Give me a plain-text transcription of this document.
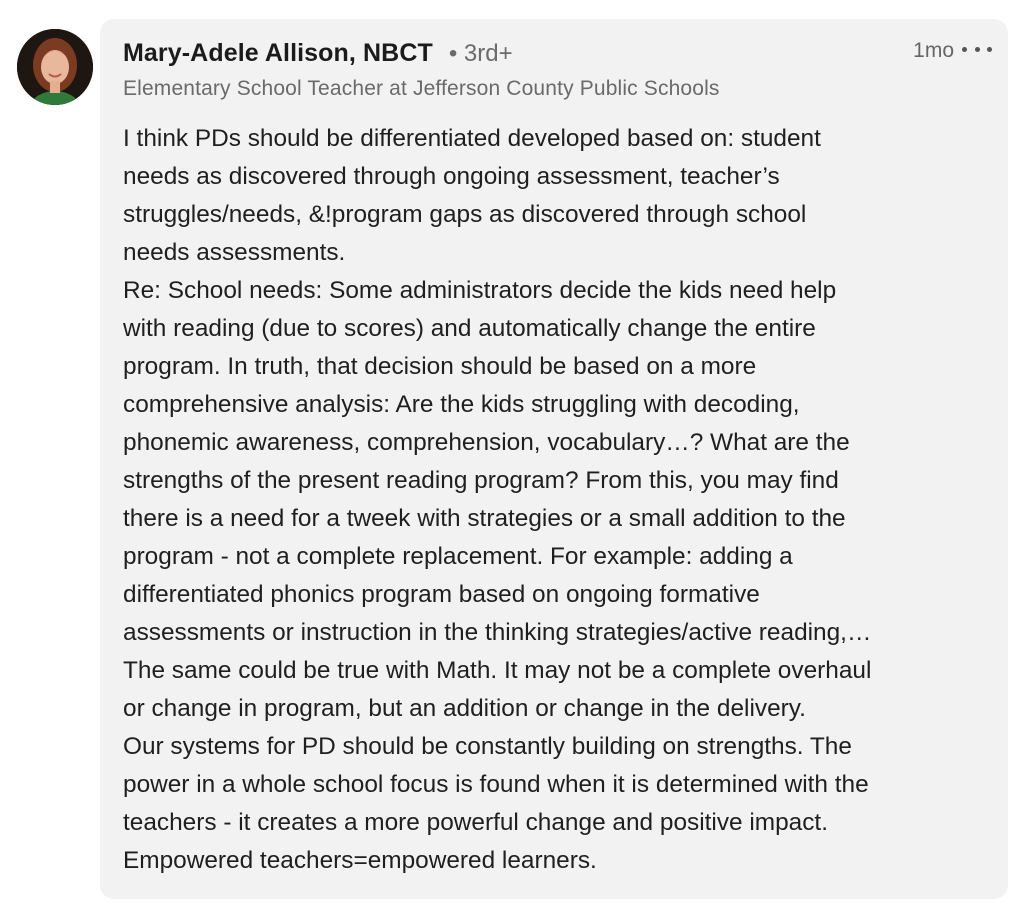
Mary-Adele Allison, NBCT • 3rd+
Elementary School Teacher at Jefferson County Public Schools
1mo
I think PDs should be differentiated developed based on: student
needs as discovered through ongoing assessment, teacher’s
struggles/needs, &!program gaps as discovered through school
needs assessments.
Re: School needs: Some administrators decide the kids need help
with reading (due to scores) and automatically change the entire
program. In truth, that decision should be based on a more
comprehensive analysis: Are the kids struggling with decoding,
phonemic awareness, comprehension, vocabulary…? What are the
strengths of the present reading program? From this, you may find
there is a need for a tweek with strategies or a small addition to the
program - not a complete replacement. For example: adding a
differentiated phonics program based on ongoing formative
assessments or instruction in the thinking strategies/active reading,…
The same could be true with Math. It may not be a complete overhaul
or change in program, but an addition or change in the delivery.
Our systems for PD should be constantly building on strengths. The
power in a whole school focus is found when it is determined with the
teachers - it creates a more powerful change and positive impact.
Empowered teachers=empowered learners.
